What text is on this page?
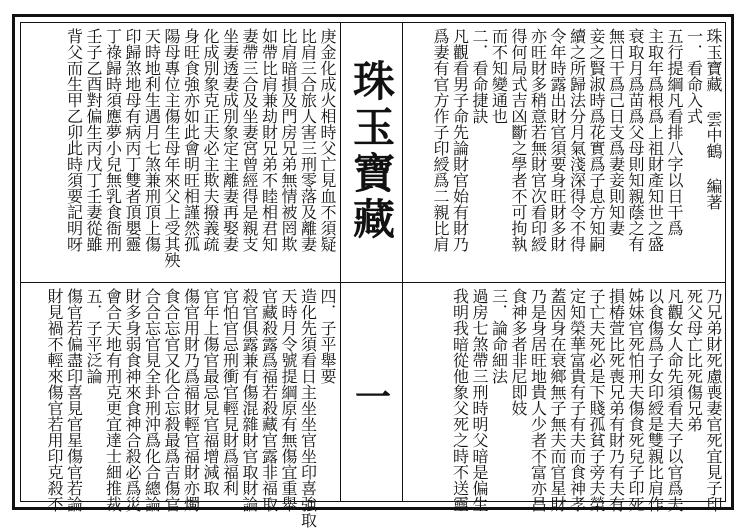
珠玉寶藏
一
珠玉寶藏 雲中鶴 編著
一．看命入式
五行提綱凡看排八字以日干爲
主取年爲根爲上祖財產知世之盛
衰取月爲苗爲父母則知親蔭之有
無日干爲己日支爲妻妾則知妻
妾之賢淑時爲花實爲子息方知嗣
續之所歸法分月氣淺深得令不得
令年時露出財官須要身旺財多財
亦旺財多稍意若無財官次看印綬
得何局式吉凶斷之學者不可拘執
而不知變通也
二．看命捷訣
凡觀看男子命先論財官始有財乃
爲妻有官方作子印綬爲二親比肩
庚金化成火相時父亡見血不須疑
比肩三合旅人害三刑零落及離妻
比肩暗損及門房兄弟無情被罔欺
如帶比肩兼劫財兄弟不睦相君知
妻帶三合及坐妻宮曾經得是親支
坐妻透妻成別象定主離妻再娶妻
化成別象克正夫必主欺夫撥義疏
身旺食強亦如此會明旺相謹然孤
陽母專位主傷生母年來父上受其殃
天時地利生遇月七煞兼刑頂上傷
印歸煞地母有病丙丁雙者頂嬰靈
丁祿歸時須應夢小兒無乳食衙刑
壬子乙酉對偏生丙戊丁壬妻從雖
背父而生甲乙卯此時須要記明呀
乃兄弟財死慮喪妻官死宜見子印
死父母亡比死傷兄弟
凡觀女人命先須看夫子以官爲夫
以食傷爲子女印綬是雙親比肩作
姊妹官死怕刑夫傷食死兒子印死
損椿萱比死喪兄弟有財乃有夫有
子亡夫死必是下賤孤貧子旁夫榮
定知榮華富貴有子有夫而食神孝
蓋因身在衰鄉無子無夫而官星財
乃是身居旺地貴人少者不富亦昌
食神多者非尼即妓
三．論命細法
過房七煞帶三刑時明父暗是偏生
我明我暗從他象父死之時不送靈
四．子平舉要
造化先須看日主坐坐官坐印喜強取
天時月令號提綱原有無傷宜重舉
官藏殺露爲福若殺藏官露非福取
殺官俱露兼有傷混雜財官取財論
官怕官忌刑衝官輕見財爲福利
官年上傷官最忌見官福增減取
傷官用財乃爲福財輕官福財亦燭
食合忘官又化合忘殺最爲吉傷官
合合忘官見全卦刑沖爲化合總論
財多身弱食神來食神合殺必爲災
會合天地有刑克更宜達士細推裁
五．子平泛論
傷官若偏盡印喜見官星傷官若論
財見禍不輕來傷官若用印克殺不
